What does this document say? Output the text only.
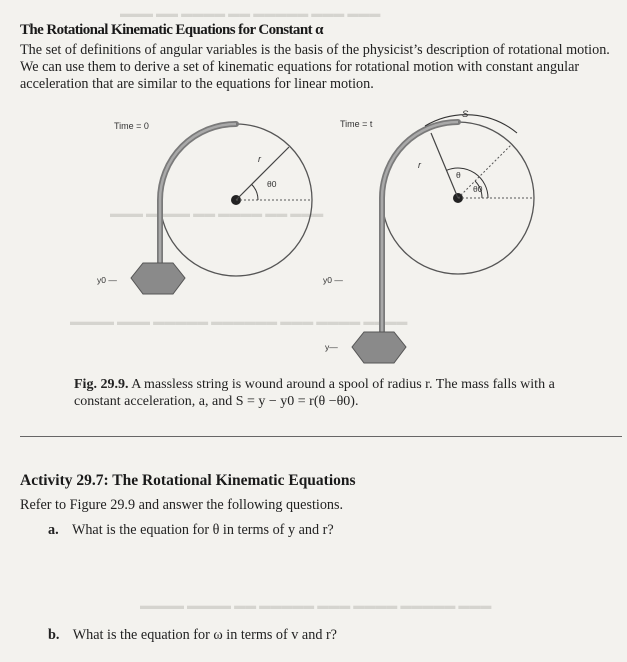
▬▬▬ ▬▬ ▬▬▬▬ ▬▬ ▬▬▬▬▬ ▬▬▬ ▬▬▬
▬▬▬ ▬▬▬▬ ▬▬ ▬▬▬▬ ▬▬ ▬▬▬
▬▬▬▬ ▬▬▬ ▬▬▬▬▬ ▬▬▬▬▬▬ ▬▬▬ ▬▬▬▬ ▬▬▬▬
▬▬▬▬ ▬▬▬▬ ▬▬ ▬▬▬▬▬ ▬▬▬ ▬▬▬▬ ▬▬▬▬▬ ▬▬▬
The Rotational Kinematic Equations for Constant α
The set of definitions of angular variables is the basis of the physicist’s description of rotational motion. We can use them to derive a set of kinematic equations for rotational motion with constant angular acceleration that are similar to the equations for linear motion.
Time = 0
r
θ0
y0 —
Time = t
S
r
θ
θ0
y0 —
y—
Fig. 29.9. A massless string is wound around a spool of radius r. The mass falls with a constant acceleration, a, and S = y − y0 = r(θ −θ0).
Activity 29.7: The Rotational Kinematic Equations
Refer to Figure 29.9 and answer the following questions.
a. What is the equation for θ in terms of y and r?
b. What is the equation for ω in terms of v and r?
